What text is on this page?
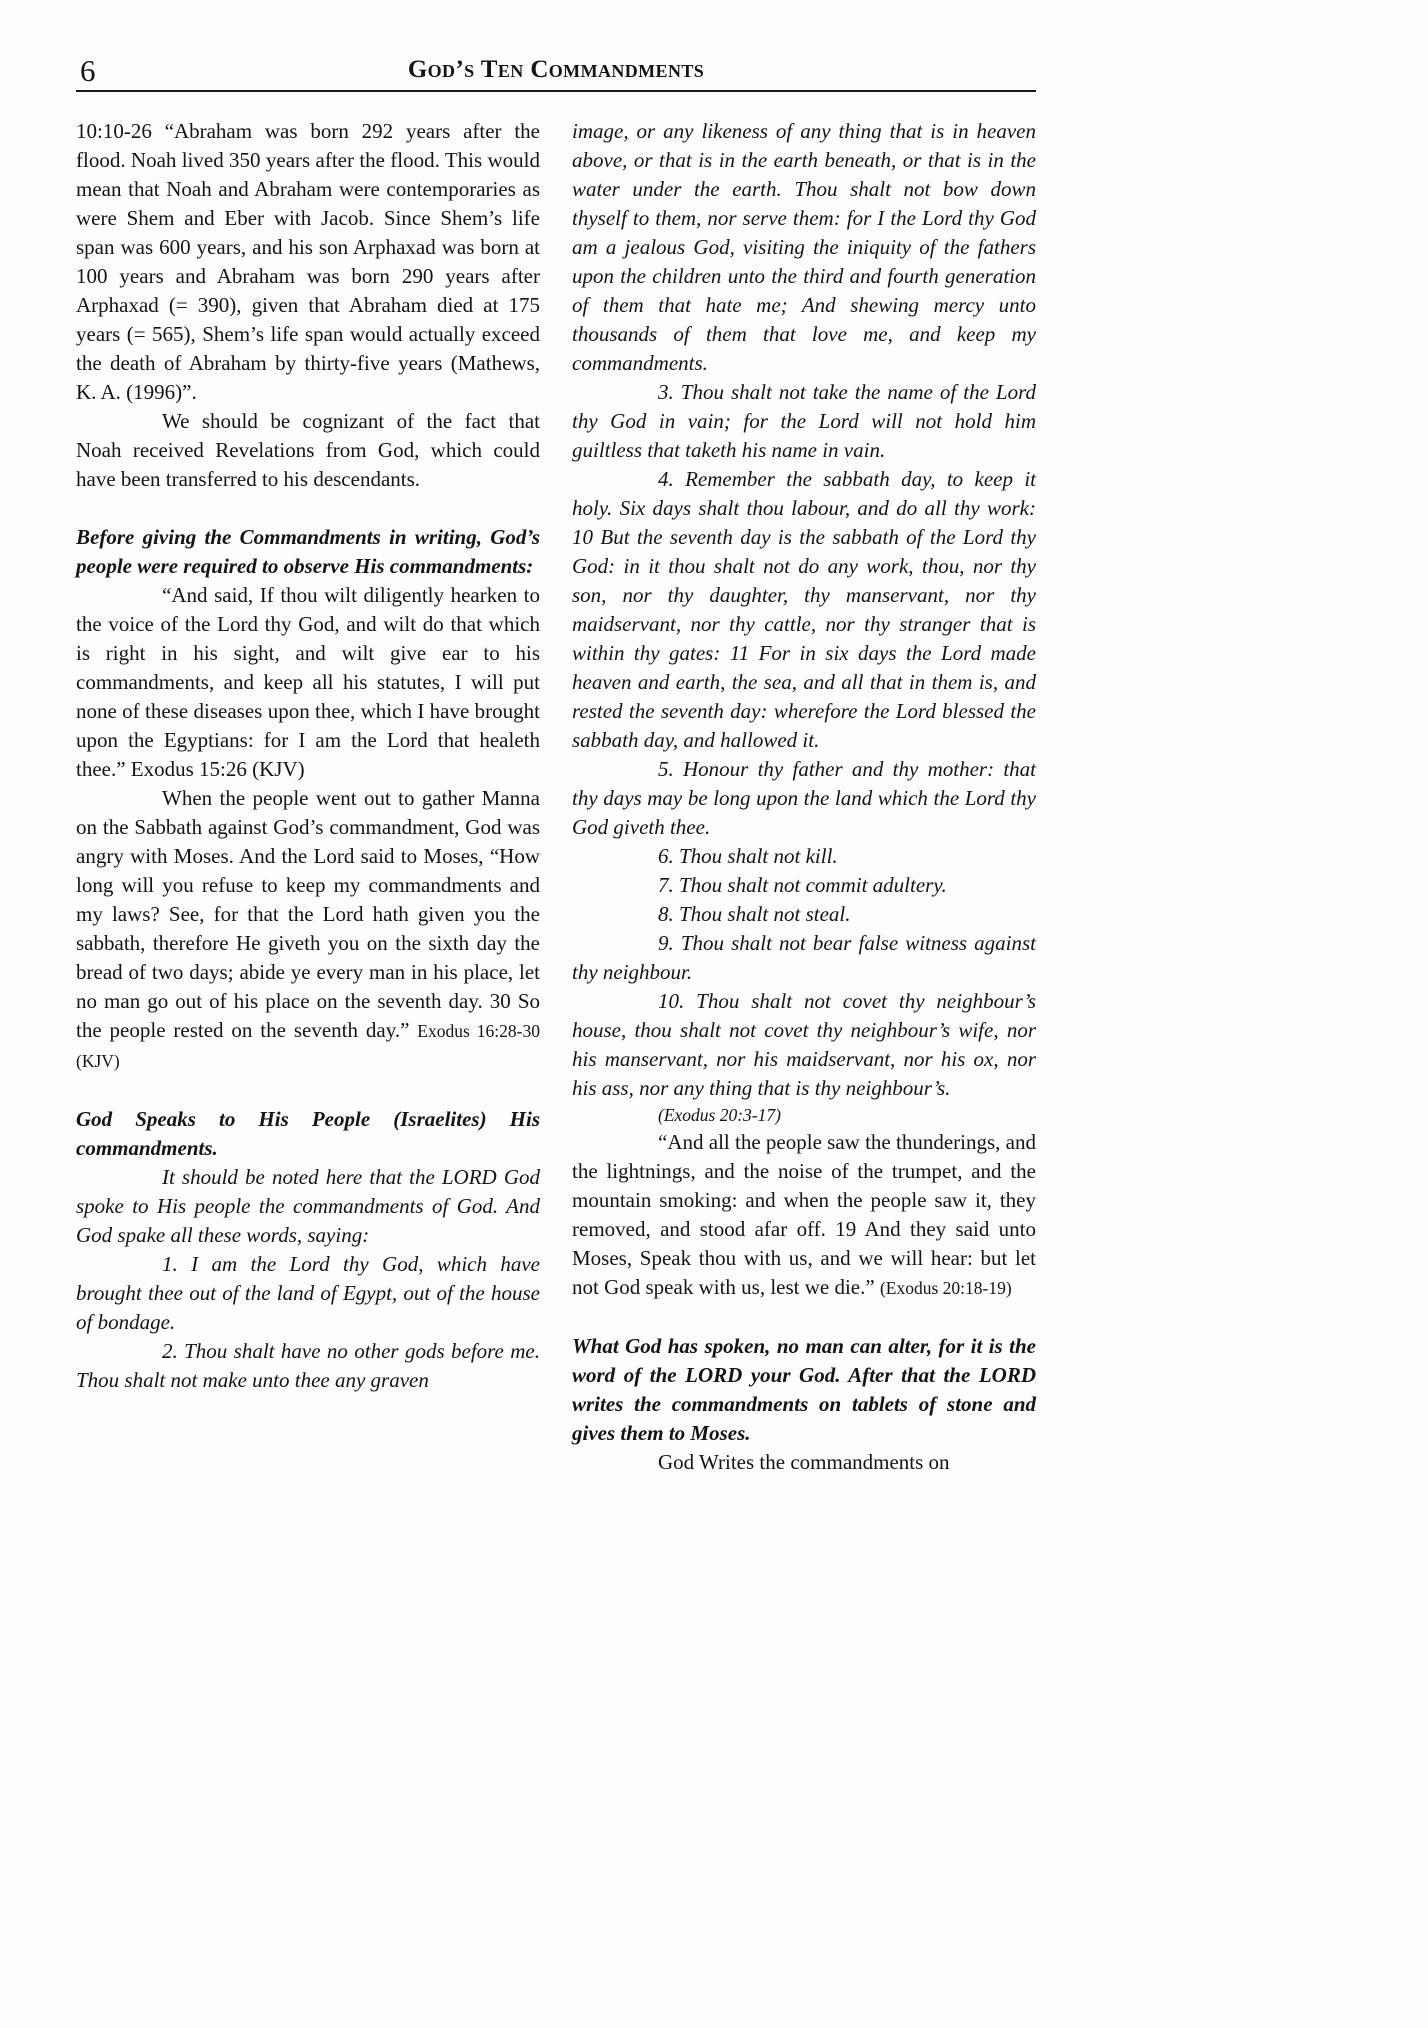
6	God’s Ten Commandments

10:10-26 “Abraham was born 292 years after the flood. Noah lived 350 years after the flood. This would mean that Noah and Abraham were contemporaries as were Shem and Eber with Jacob. Since Shem’s life span was 600 years, and his son Arphaxad was born at 100 years and Abraham was born 290 years after Arphaxad (= 390), given that Abraham died at 175 years (= 565), Shem’s life span would actually exceed the death of Abraham by thirty-five years (Mathews, K. A. (1996)”.

We should be cognizant of the fact that Noah received Revelations from God, which could have been transferred to his descendants.

Before giving the Commandments in writing, God’s people were required to observe His commandments:

“And said, If thou wilt diligently hearken to the voice of the Lord thy God, and wilt do that which is right in his sight, and wilt give ear to his commandments, and keep all his statutes, I will put none of these diseases upon thee, which I have brought upon the Egyptians: for I am the Lord that healeth thee.” Exodus 15:26 (KJV)

When the people went out to gather Manna on the Sabbath against God’s commandment, God was angry with Moses. And the Lord said to Moses, “How long will you refuse to keep my commandments and my laws? See, for that the Lord hath given you the sabbath, therefore He giveth you on the sixth day the bread of two days; abide ye every man in his place, let no man go out of his place on the seventh day. 30 So the people rested on the seventh day.” Exodus 16:28-30 (KJV)

God Speaks to His People (Israelites) His commandments.

It should be noted here that the LORD God spoke to His people the commandments of God. And God spake all these words, saying:

1. I am the Lord thy God, which have brought thee out of the land of Egypt, out of the house of bondage.

2. Thou shalt have no other gods before me. Thou shalt not make unto thee any graven

image, or any likeness of any thing that is in heaven above, or that is in the earth beneath, or that is in the water under the earth. Thou shalt not bow down thyself to them, nor serve them: for I the Lord thy God am a jealous God, visiting the iniquity of the fathers upon the children unto the third and fourth generation of them that hate me; And shewing mercy unto thousands of them that love me, and keep my commandments.

3. Thou shalt not take the name of the Lord thy God in vain; for the Lord will not hold him guiltless that taketh his name in vain.

4. Remember the sabbath day, to keep it holy. Six days shalt thou labour, and do all thy work: 10 But the seventh day is the sabbath of the Lord thy God: in it thou shalt not do any work, thou, nor thy son, nor thy daughter, thy manservant, nor thy maidservant, nor thy cattle, nor thy stranger that is within thy gates: 11 For in six days the Lord made heaven and earth, the sea, and all that in them is, and rested the seventh day: wherefore the Lord blessed the sabbath day, and hallowed it.

5. Honour thy father and thy mother: that thy days may be long upon the land which the Lord thy God giveth thee.

6. Thou shalt not kill.

7. Thou shalt not commit adultery.

8. Thou shalt not steal.

9. Thou shalt not bear false witness against thy neighbour.

10. Thou shalt not covet thy neighbour’s house, thou shalt not covet thy neighbour’s wife, nor his manservant, nor his maidservant, nor his ox, nor his ass, nor any thing that is thy neighbour’s.
(Exodus 20:3-17)

“And all the people saw the thunderings, and the lightnings, and the noise of the trumpet, and the mountain smoking: and when the people saw it, they removed, and stood afar off. 19 And they said unto Moses, Speak thou with us, and we will hear: but let not God speak with us, lest we die.” (Exodus 20:18-19)

What God has spoken, no man can alter, for it is the word of the LORD your God. After that the LORD writes the commandments on tablets of stone and gives them to Moses.

God Writes the commandments on
